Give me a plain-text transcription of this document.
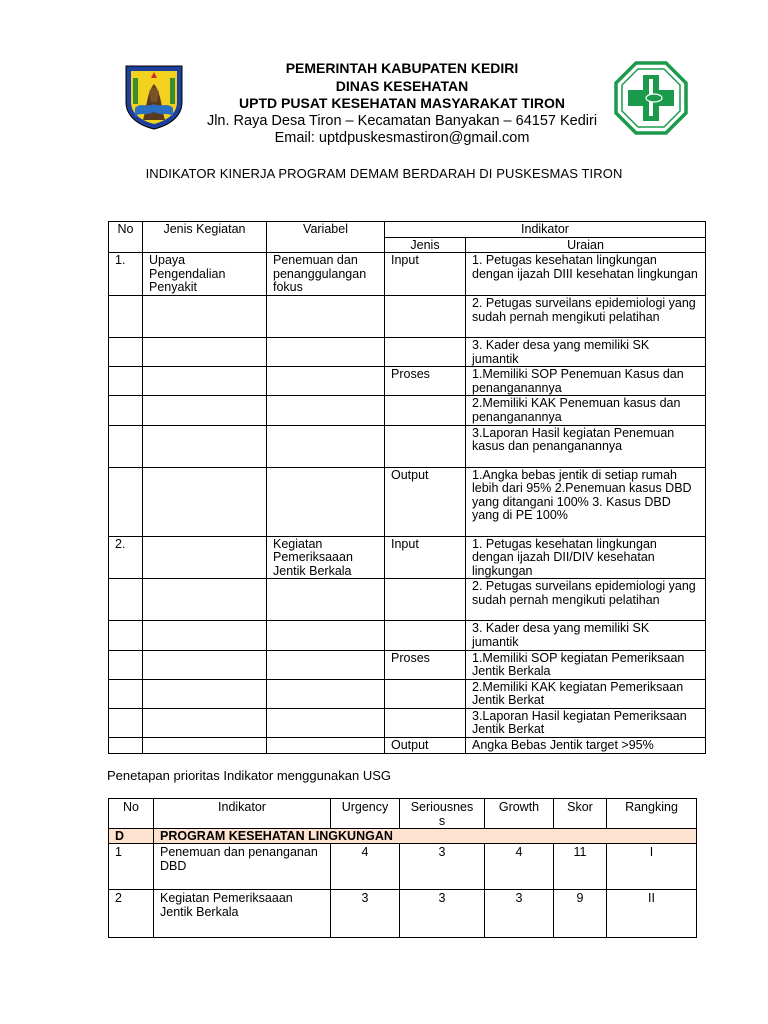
PEMERINTAH KABUPATEN KEDIRI
DINAS KESEHATAN
UPTD PUSAT KESEHATAN MASYARAKAT TIRON
Jln. Raya Desa Tiron – Kecamatan Banyakan – 64157 Kediri
Email: uptdpuskesmastiron@gmail.com
INDIKATOR KINERJA PROGRAM DEMAM BERDARAH DI PUSKESMAS TIRON
No	Jenis Kegiatan	Variabel	Indikator	
			Jenis	Uraian
1.	Upaya Pengendalian Penyakit	Penemuan dan penanggulangan fokus	Input	1. Petugas kesehatan lingkungan dengan ijazah DIII kesehatan lingkungan
				2. Petugas surveilans epidemiologi yang sudah pernah mengikuti pelatihan
				3. Kader desa yang memiliki SK jumantik
			Proses	1.Memiliki SOP Penemuan Kasus dan penanganannya
				2.Memiliki KAK Penemuan kasus dan penanganannya
				3.Laporan Hasil kegiatan Penemuan kasus dan penanganannya
			Output	1.Angka bebas jentik di setiap rumah lebih dari 95% 2.Penemuan kasus DBD yang ditangani 100% 3. Kasus DBD yang di PE 100%
2.		Kegiatan Pemeriksaaan Jentik Berkala	Input	1. Petugas kesehatan lingkungan dengan ijazah DII/DIV kesehatan lingkungan
				2. Petugas surveilans epidemiologi yang sudah pernah mengikuti pelatihan
				3. Kader desa yang memiliki SK jumantik
			Proses	1.Memiliki SOP kegiatan Pemeriksaan Jentik Berkala
				2.Memiliki KAK kegiatan Pemeriksaan Jentik Berkat
				3.Laporan Hasil kegiatan Pemeriksaan Jentik Berkat
			Output	Angka Bebas Jentik target >95%
Penetapan prioritas Indikator menggunakan USG
No	Indikator	Urgency	Seriousnes s	Growth	Skor	Rangking
D	PROGRAM KESEHATAN LINGKUNGAN					
1	Penemuan dan penanganan DBD	4	3	4	11	I
2	Kegiatan Pemeriksaaan Jentik Berkala	3	3	3	9	II
